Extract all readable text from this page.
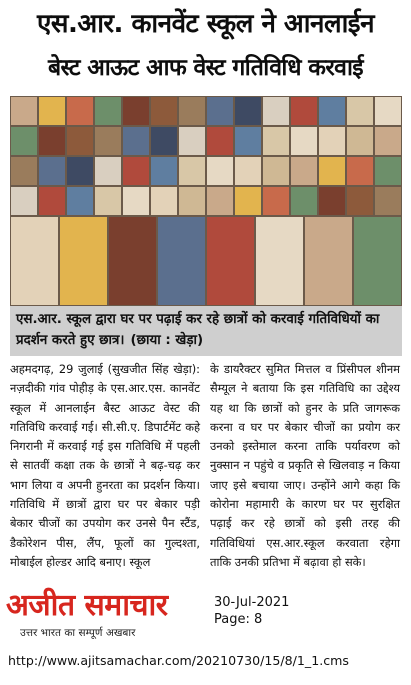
एस.आर. कानवेंट स्कूल ने आनलाईन
बेस्ट आऊट आफ वेस्ट गतिविधि करवाई
एस.आर. स्कूल द्वारा घर पर पढ़ाई कर रहे छात्रों को करवाई गतिविधियों का प्रदर्शन करते हुए छात्र। (छाया : खेड़ा)
अहमदगढ़, 29 जुलाई (सुखजीत सिंह खेड़ा): नज़दीकी गांव पोहीड़ के एस.आर.एस. कानवेंट स्कूल में आनलाईन बैस्ट आऊट वेस्ट की गतिविधि करवाई गई। सी.सी.ए. डिपार्टमेंट कहे निगरानी में करवाई गई इस गतिविधि में पहली से सातवीं कक्षा तक के छात्रों ने बढ़-चढ़ कर भाग लिया व अपनी हुनरता का प्रदर्शन किया। गतिविधि में छात्रों द्वारा घर पर बेकार पड़ी बेकार चीजों का उपयोग कर उनसे पैन स्टैंड, डैकोरेशन पीस, लैंप, फूलों का गुल्दश्ता, मोबाईल होल्डर आदि बनाए। स्कूल
के डायरैक्टर सुमित मित्तल व प्रिंसीपल शीनम सैम्यूल ने बताया कि इस गतिविधि का उद्देश्य यह था कि छात्रों को हुनर के प्रति जागरूक करना व घर पर बेकार चीजों का प्रयोग कर उनको इस्तेमाल करना ताकि पर्यावरण को नुक्सान न पहुंचे व प्रकृति से खिलवाड़ न किया जाए इसे बचाया जाए। उन्होंने आगे कहा कि कोरोना महामारी के कारण घर पर सुरक्षित पढ़ाई कर रहे छात्रों को इसी तरह की गतिविधियां एस.आर.स्कूल करवाता रहेगा ताकि उनकी प्रतिभा में बढ़ावा हो सके।
अजीत समाचार
उत्तर भारत का सम्पूर्ण अखबार
30-Jul-2021
Page: 8
http://www.ajitsamachar.com/20210730/15/8/1_1.cms
